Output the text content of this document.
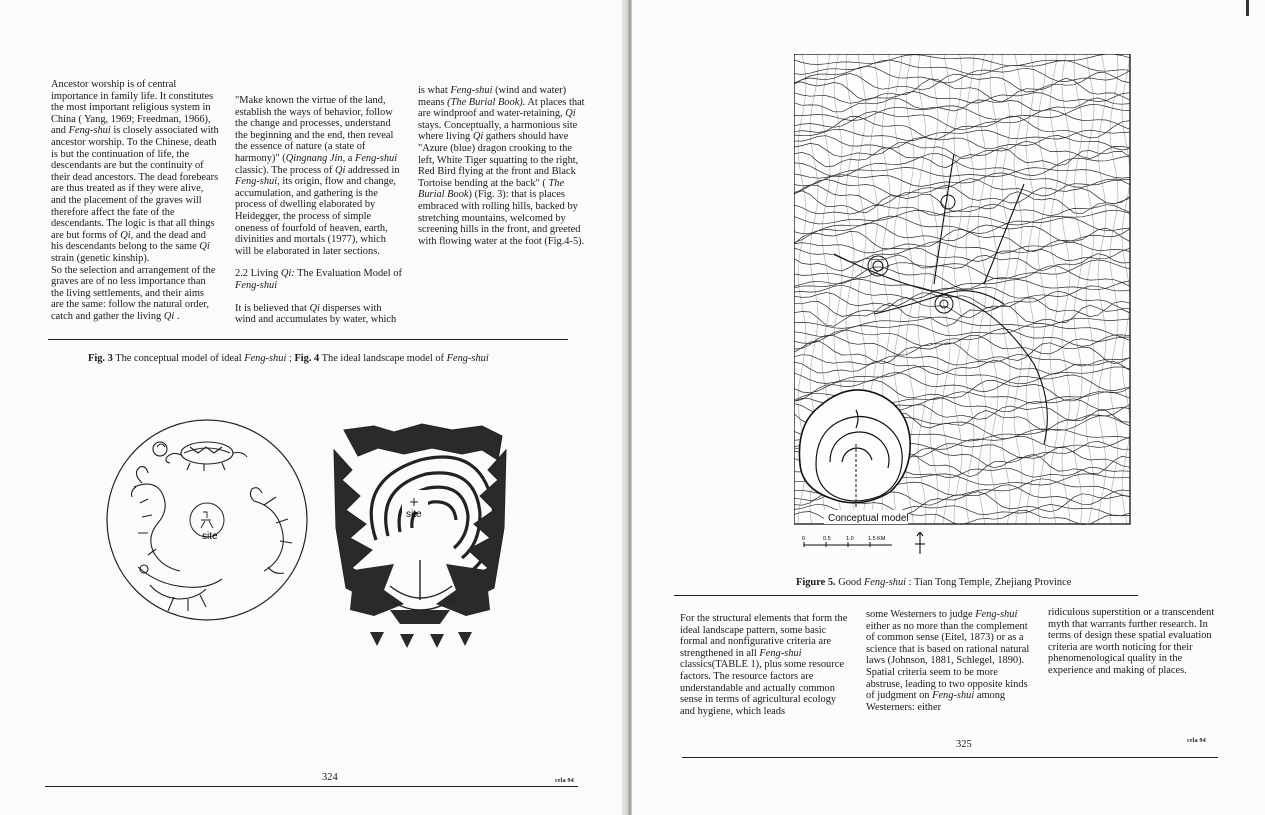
Ancestor worship is of central importance in family life. It constitutes the most important religious system in China ( Yang, 1969; Freedman, 1966), and Feng-shui is closely associated with ancestor worship. To the Chinese, death is but the continuation of life, the descendants are but the continuity of their dead ancestors. The dead forebears are thus treated as if they were alive, and the placement of the graves will therefore affect the fate of the descendants. The logic is that all things are but forms of Qi, and the dead and his descendants belong to the same Qi strain (genetic kinship).

So the selection and arrangement of the graves are of no less importance than the living settlements, and their aims are the same: follow the natural order, catch and gather the living Qi .

"Make known the virtue of the land, establish the ways of behavior, follow the change and processes, understand the beginning and the end, then reveal the essence of nature (a state of harmony)" (Qingnang Jin, a Feng-shui classic). The process of Qi addressed in Feng-shui, its origin, flow and change, accumulation, and gathering is the process of dwelling elaborated by Heidegger, the process of simple oneness of fourfold of heaven, earth, divinities and mortals (1977), which will be elaborated in later sections.

2.2 Living Qi: The Evaluation Model of Feng-shui

It is believed that Qi disperses with wind and accumulates by water, which

is what Feng-shui (wind and water) means (The Burial Book). At places that are windproof and water-retaining, Qi stays. Conceptually, a harmonious site where living Qi gathers should have "Azure (blue) dragon crooking to the left, White Tiger squatting to the right, Red Bird flying at the front and Black Tortoise bending at the back" ( The Burial Book) (Fig. 3): that is places embraced with rolling hills, backed by stretching mountains, welcomed by screening hills in the front, and greeted with flowing water at the foot (Fig.4-5).

Fig. 3 The conceptual model of ideal Feng-shui ; Fig. 4 The ideal landscape model of Feng-shui
site
site
324	cela 94
Conceptual model
0	0.5	1.0	1.5 KM
Figure 5. Good Feng-shui : Tian Tong Temple, Zhejiang Province

For the structural elements that form the ideal landscape pattern, some basic formal and nonfigurative criteria are strengthened in all Feng-shui classics(TABLE 1), plus some resource factors. The resource factors are understandable and actually common sense in terms of agricultural ecology and hygiene, which leads

some Westerners to judge Feng-shui either as no more than the complement of common sense (Eitel, 1873) or as a science that is based on rational natural laws (Johnson, 1881, Schlegel, 1890). Spatial criteria seem to be more abstruse, leading to two opposite kinds of judgment on Feng-shui among Westerners: either

ridiculous superstition or a transcendent myth that warrants further research. In terms of design these spatial evaluation criteria are worth noticing for their phenomenological quality in the experience and making of places.

325	cela 94
